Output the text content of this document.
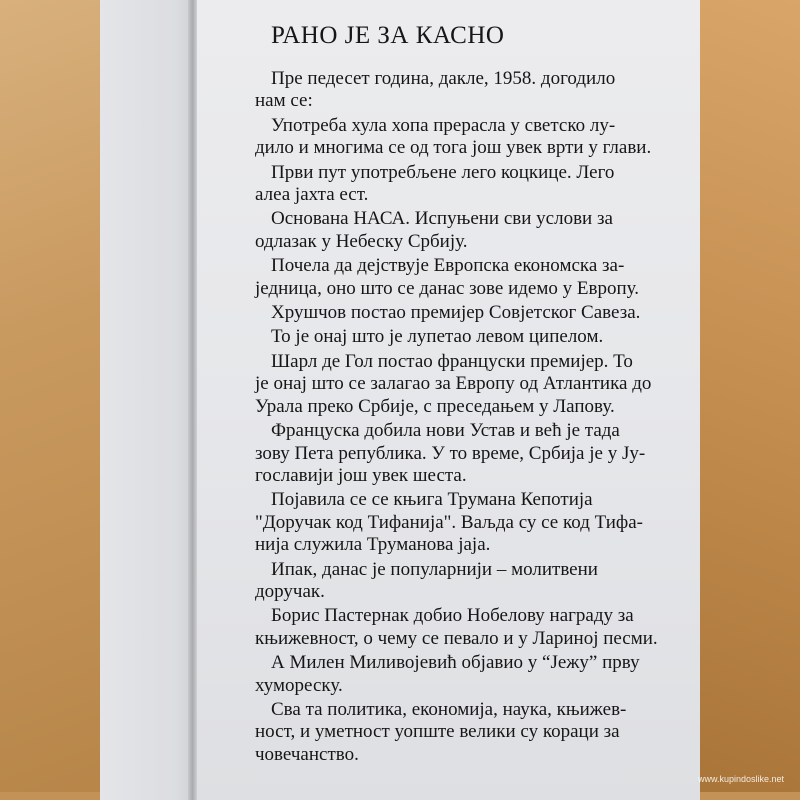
РАНО ЈЕ ЗА КАСНО
Пре педесет година, дакле, 1958. догодило
нам се:
Употреба хула хопа прерасла у светско лу-
дило и многима се од тога још увек врти у глави.
Први пут употребљене лего коцкице. Лего
алеа јахта ест.
Основана НАСА. Испуњени сви услови за
одлазак у Небеску Србију.
Почела да дејствује Европска економска за-
једница, оно што се данас зове идемо у Европу.
Хрушчов постао премијер Совјетског Савеза.
То је онај што је лупетао левом ципелом.
Шарл де Гол постао француски премијер. То
је онај што се залагао за Европу од Атлантика до
Урала преко Србије, с преседањем у Лапову.
Француска добила нови Устав и већ је тада
зову Пета република. У то време, Србија је у Ју-
гославији још увек шеста.
Појавила се се књига Трумана Кепотија
"Доручак код Тифанија". Ваљда су се код Тифа-
нија служила Труманова јаја.
Ипак, данас је популарнији – молитвени
доручак.
Борис Пастернак добио Нобелову награду за
књижевност, о чему се певало и у Лариној песми.
А Милен Миливојевић објавио у “Јежу” прву
хумореску.
Сва та политика, економија, наука, књижев-
ност, и уметност уопште велики су кораци за
човечанство.
www.kupindoslike.net
